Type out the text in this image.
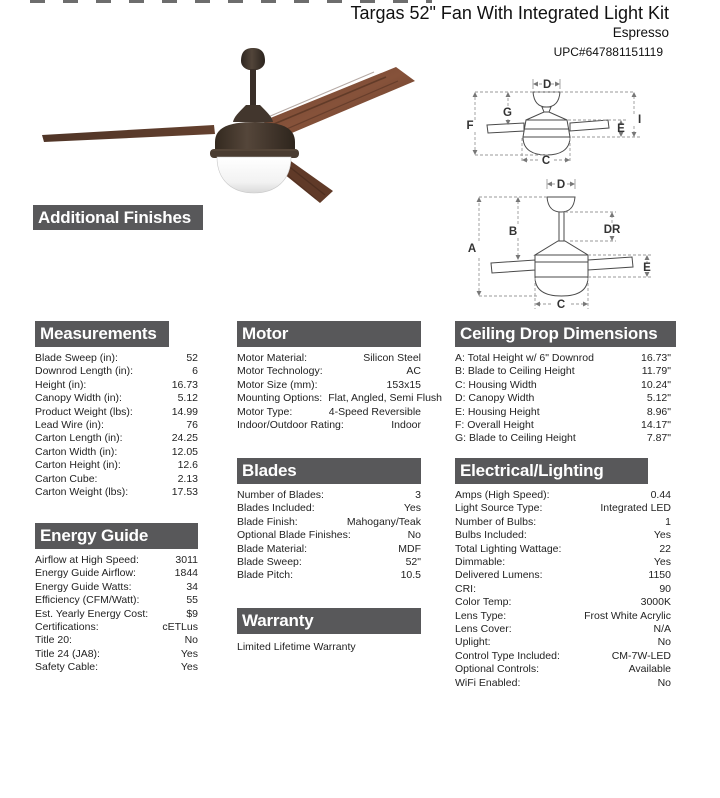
Targas 52" Fan With Integrated Light Kit
Espresso
UPC#647881151119
D
G
F	I
E
C
D
B
A
DR
E
C
Additional Finishes
Measurements
Blade Sweep (in):	52
Downrod Length (in):	6
Height (in):	16.73
Canopy Width (in):	5.12
Product Weight (lbs):	14.99
Lead Wire (in):	76
Carton Length (in):	24.25
Carton Width (in):	12.05
Carton Height (in):	12.6
Carton Cube:	2.13
Carton Weight (lbs):	17.53
Energy Guide
Airflow at High Speed:	3011
Energy Guide Airflow:	1844
Energy Guide Watts:	34
Efficiency (CFM/Watt):	55
Est. Yearly Energy Cost:	$9
Certifications:	cETLus
Title 20:	No
Title 24 (JA8):	Yes
Safety Cable:	Yes
Motor
Motor Material:	Silicon Steel
Motor Technology:	AC
Motor Size (mm):	153x15
Mounting Options: Flat, Angled, Semi Flush
Motor Type:	4-Speed Reversible
Indoor/Outdoor Rating:	Indoor
Blades
Number of Blades:	3
Blades Included:	Yes
Blade Finish:	Mahogany/Teak
Optional Blade Finishes:	No
Blade Material:	MDF
Blade Sweep:	52"
Blade Pitch:	10.5
Warranty
Limited Lifetime Warranty
Ceiling Drop Dimensions
A: Total Height w/ 6" Downrod	16.73"
B: Blade to Ceiling Height	11.79"
C: Housing Width	10.24"
D: Canopy Width	5.12"
E: Housing Height	8.96"
F: Overall Height	14.17"
G: Blade to Ceiling Height	7.87"
Electrical/Lighting
Amps (High Speed):	0.44
Light Source Type:	Integrated LED
Number of Bulbs:	1
Bulbs Included:	Yes
Total Lighting Wattage:	22
Dimmable:	Yes
Delivered Lumens:	1150
CRI:	90
Color Temp:	3000K
Lens Type:	Frost White Acrylic
Lens Cover:	N/A
Uplight:	No
Control Type Included:	CM-7W-LED
Optional Controls:	Available
WiFi Enabled:	No
